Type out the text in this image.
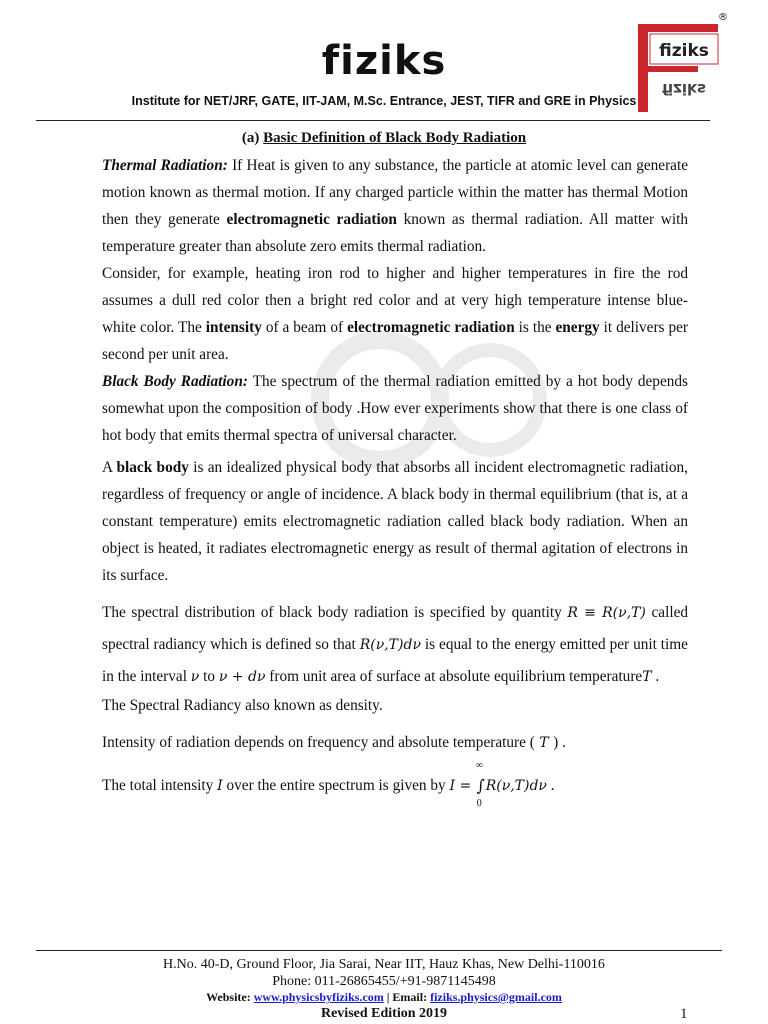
fiziks
Institute for NET/JRF, GATE, IIT-JAM, M.Sc. Entrance, JEST, TIFR and GRE in Physics
fiziks
fiziks
®
(a) Basic Definition of Black Body Radiation
Thermal Radiation: If Heat is given to any substance, the particle at atomic level can generate motion known as thermal motion. If any charged particle within the matter has thermal Motion then they generate electromagnetic radiation known as thermal radiation. All matter with temperature greater than absolute zero emits thermal radiation.
Consider, for example, heating iron rod to higher and higher temperatures in fire the rod assumes a dull red color then a bright red color and at very high temperature intense blue- white color. The intensity of a beam of electromagnetic radiation is the energy it delivers per second per unit area.
Black Body Radiation: The spectrum of the thermal radiation emitted by a hot body depends somewhat upon the composition of body .How ever experiments show that there is one class of hot body that emits thermal spectra of universal character.
A black body is an idealized physical body that absorbs all incident electromagnetic radiation, regardless of frequency or angle of incidence. A black body in thermal equilibrium (that is, at a constant temperature) emits electromagnetic radiation called black body radiation. When an object is heated, it radiates electromagnetic energy as result of thermal agitation of electrons in its surface.
The spectral distribution of black body radiation is specified by quantity R ≡ R(ν,T) called spectral radiancy which is defined so that R(ν,T)dν is equal to the energy emitted per unit time in the interval ν to ν + dν from unit area of surface at absolute equilibrium temperatureT .
The Spectral Radiancy also known as density.
Intensity of radiation depends on frequency and absolute temperature ( T ) .
The total intensity I over the entire spectrum is given by I =
∞
∫
0
R(ν,T)dν .
H.No. 40-D, Ground Floor, Jia Sarai, Near IIT, Hauz Khas, New Delhi-110016
Phone: 011-26865455/+91-9871145498
Website: www.physicsbyfiziks.com | Email: fiziks.physics@gmail.com
Revised Edition 2019	1
